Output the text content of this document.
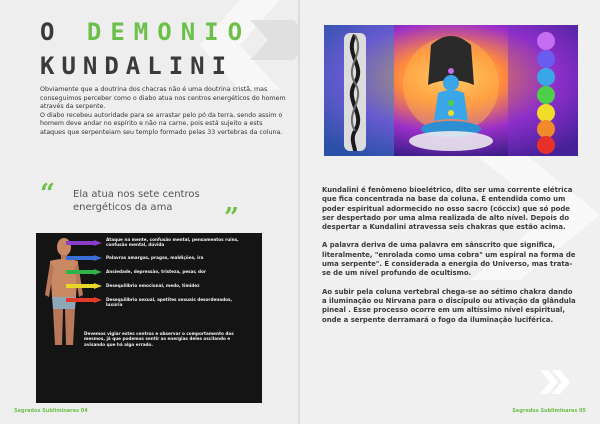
O DEMONIO
KUNDALINI

Obviamente que a doutrina dos chacras não é uma doutrina cristã, mas conseguimos perceber como o diabo atua nos centros energéticos do homem através da serpente.

O diabo recebeu autoridade para se arrastar pelo pó da terra, sendo assim o homem deve andar no espírito e não na carne, pois está sujeito a ests ataques que serpenteiam seu templo formado pelas 33 vertebras da coluna.

“ Ela atua nos sete centros energéticos da ama	”

Ataque na mente, confusão mental, pensamentos ruins, confusão mental, dúvida

Palavras amargas, pragas, maldições, ira

Ansiedade, depressão, tristeza, pesar, dor

Desequilíbrio emocional, medo, timidez

Desequilíbrio sexual, apetites sexuais desordenados, luxúria

Devemos vigiar estes centros e observar o comportamento dos mesmos, já que podemos sentir as energias deles oscilando e avisando que há algo errado.

Segredos Subliminares 04

Kundalini é fenômeno bioelétrico, dito ser uma corrente elétrica que fica concentrada na base da coluna. É entendida como um poder espiritual adormecido no osso sacro (cóccix) que só pode ser despertado por uma alma realizada de alto nível. Depois do despertar a Kundalini atravessa seis chakras que estão acima.

A palavra deriva de uma palavra em sânscrito que significa, literalmente, "enrolada como uma cobra" um espiral na forma de uma serpente". É considerada a energia do Universo, mas trata-se de um nível profundo de ocultismo.

Ao subir pela coluna vertebral chega-se ao sétimo chakra dando a iluminação ou Nirvana para o discípulo ou ativação da glândula pineal . Esse processo ocorre em um altíssimo nível espiritual, onde a serpente derramará o fogo da iluminação luciférica.

Segredos Subliminares 05
